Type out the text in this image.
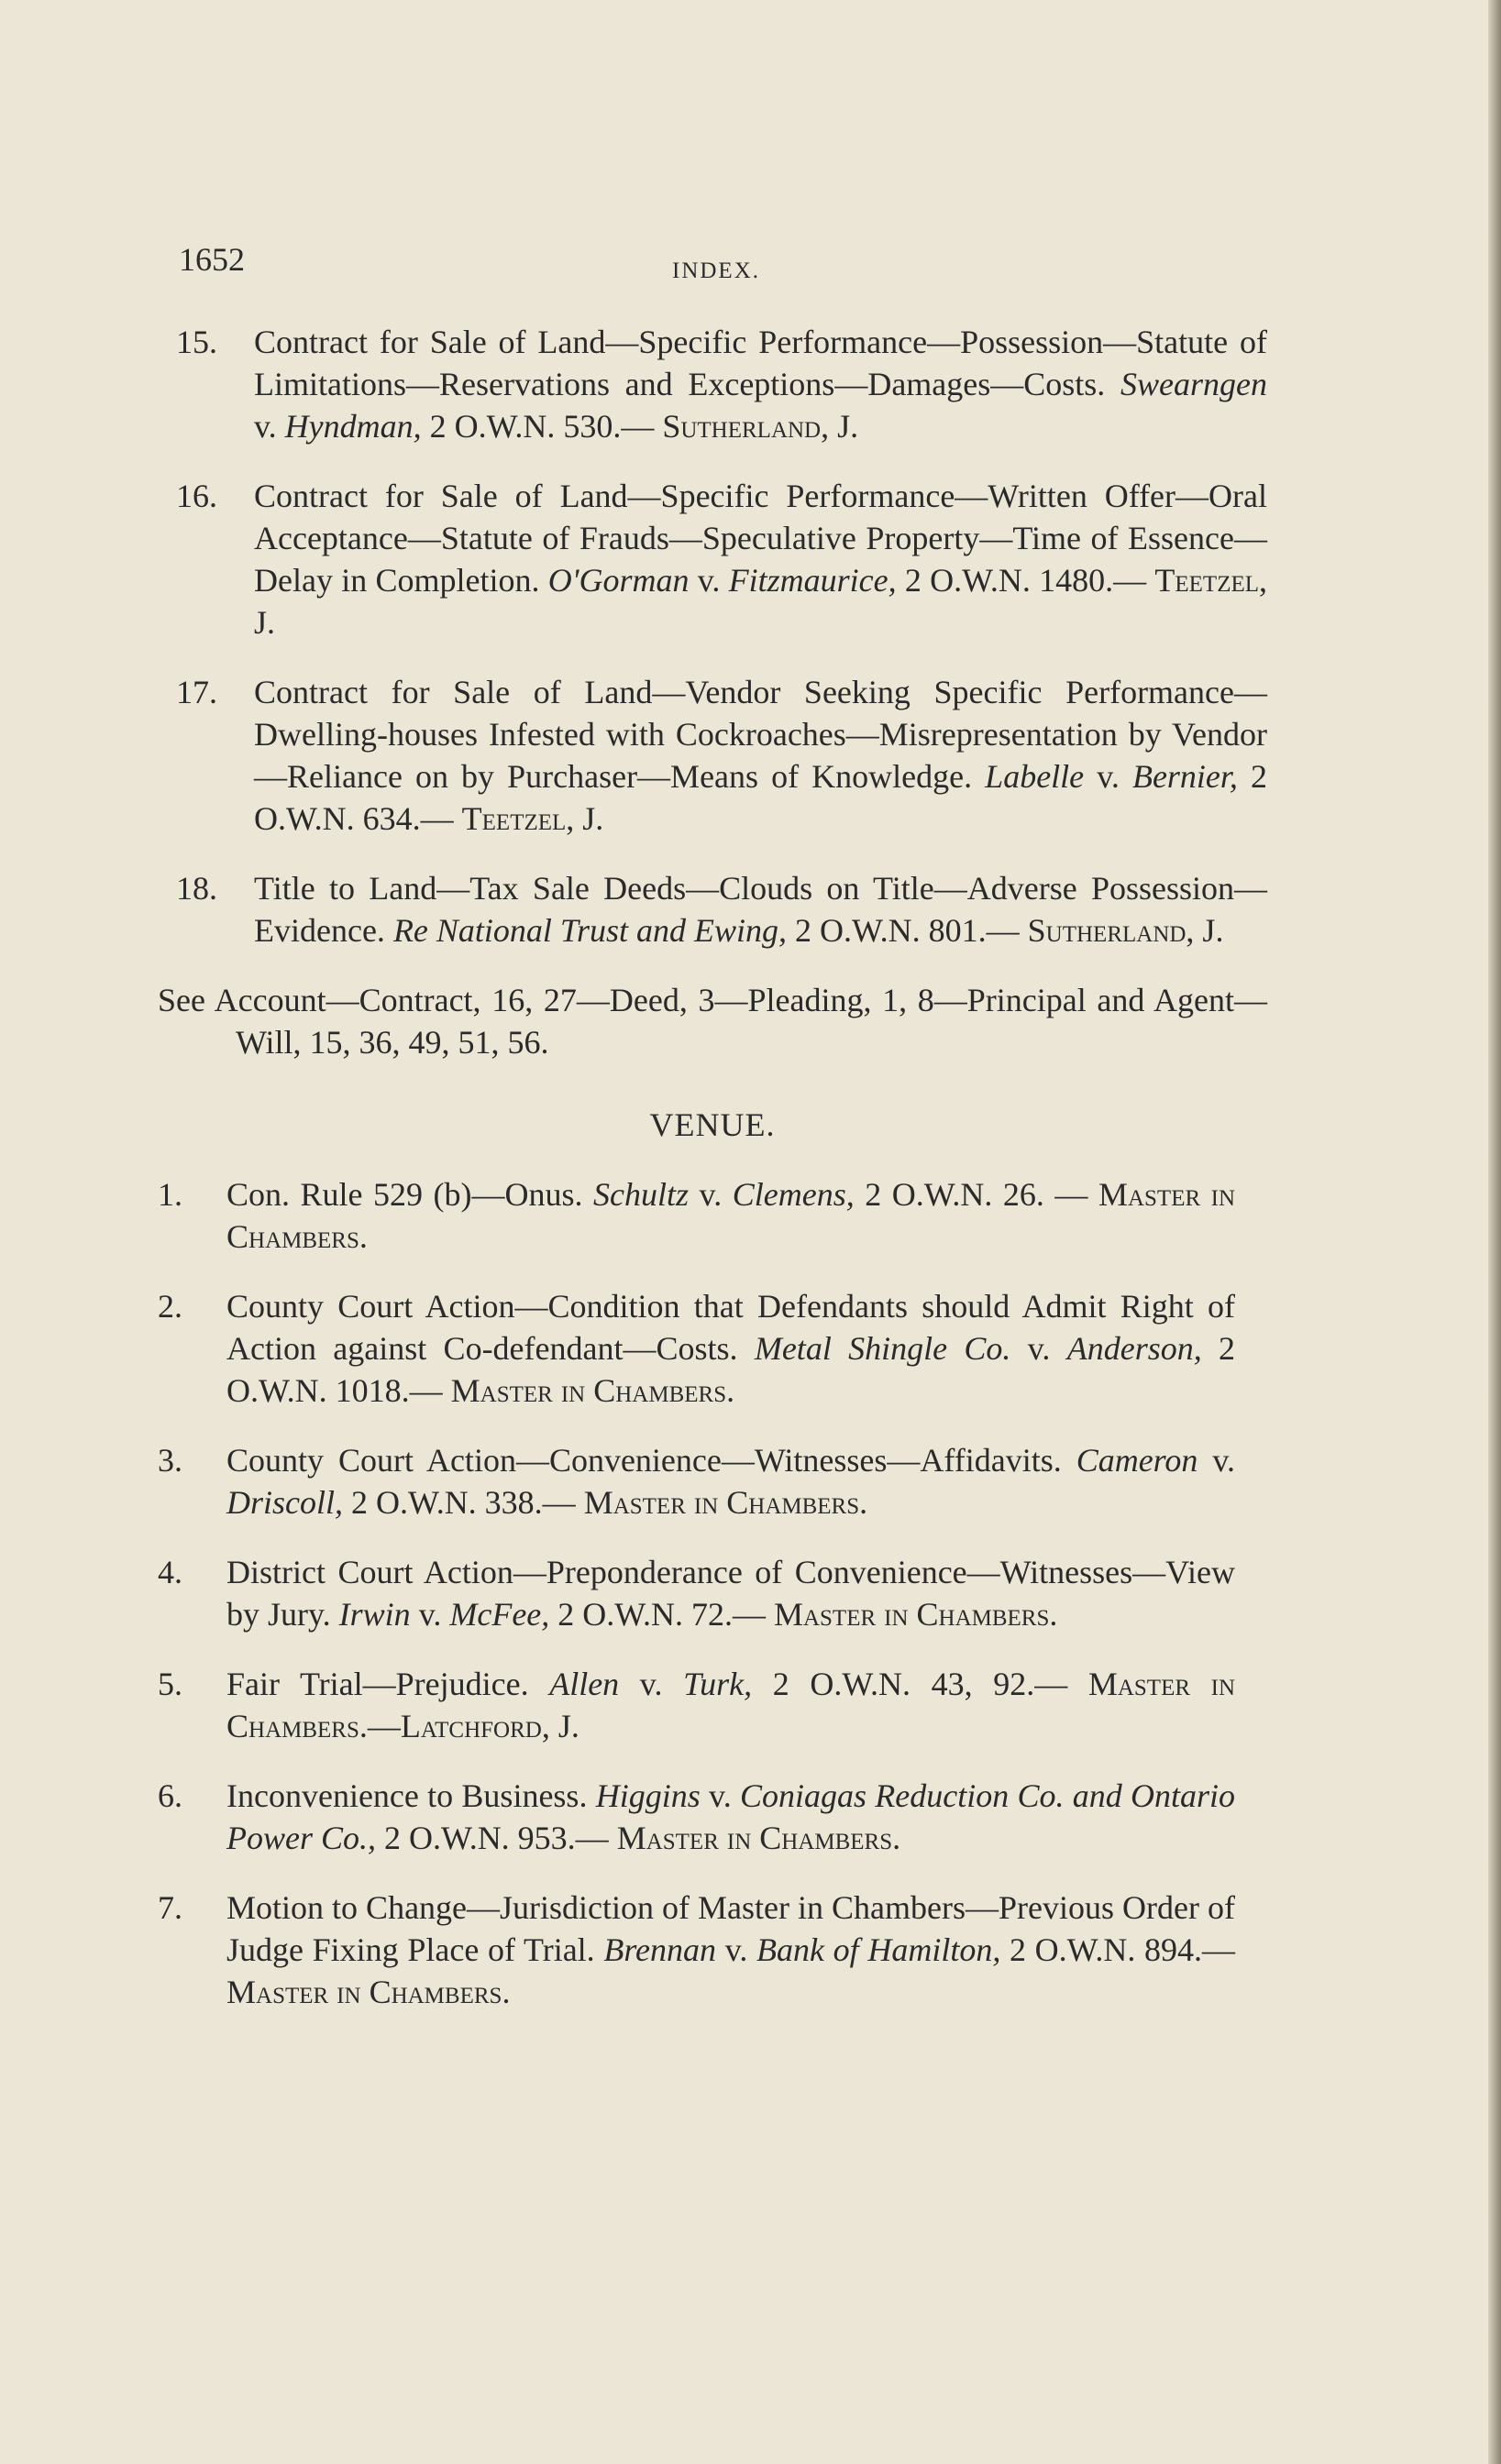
1652	INDEX.
15. Contract for Sale of Land—Specific Performance—Possession—Statute of Limitations—Reservations and Exceptions—Damages—Costs. Swearngen v. Hyndman, 2 O.W.N. 530.— Sutherland, J.
16. Contract for Sale of Land—Specific Performance—Written Offer—Oral Acceptance—Statute of Frauds—Speculative Property—Time of Essence—Delay in Completion. O'Gorman v. Fitzmaurice, 2 O.W.N. 1480.— Teetzel, J.
17. Contract for Sale of Land—Vendor Seeking Specific Performance—Dwelling-houses Infested with Cockroaches—Misrepresentation by Vendor—Reliance on by Purchaser—Means of Knowledge. Labelle v. Bernier, 2 O.W.N. 634.— Teetzel, J.
18. Title to Land—Tax Sale Deeds—Clouds on Title—Adverse Possession—Evidence. Re National Trust and Ewing, 2 O.W.N. 801.— Sutherland, J.
See Account—Contract, 16, 27—Deed, 3—Pleading, 1, 8—Principal and Agent—Will, 15, 36, 49, 51, 56.
VENUE.
1. Con. Rule 529 (b)—Onus. Schultz v. Clemens, 2 O.W.N. 26. — Master in Chambers.
2. County Court Action—Condition that Defendants should Admit Right of Action against Co-defendant—Costs. Metal Shingle Co. v. Anderson, 2 O.W.N. 1018.— Master in Chambers.
3. County Court Action—Convenience—Witnesses—Affidavits. Cameron v. Driscoll, 2 O.W.N. 338.— Master in Chambers.
4. District Court Action—Preponderance of Convenience—Witnesses—View by Jury. Irwin v. McFee, 2 O.W.N. 72.— Master in Chambers.
5. Fair Trial—Prejudice. Allen v. Turk, 2 O.W.N. 43, 92.— Master in Chambers.—Latchford, J.
6. Inconvenience to Business. Higgins v. Coniagas Reduction Co. and Ontario Power Co., 2 O.W.N. 953.— Master in Chambers.
7. Motion to Change—Jurisdiction of Master in Chambers—Previous Order of Judge Fixing Place of Trial. Brennan v. Bank of Hamilton, 2 O.W.N. 894.— Master in Chambers.
